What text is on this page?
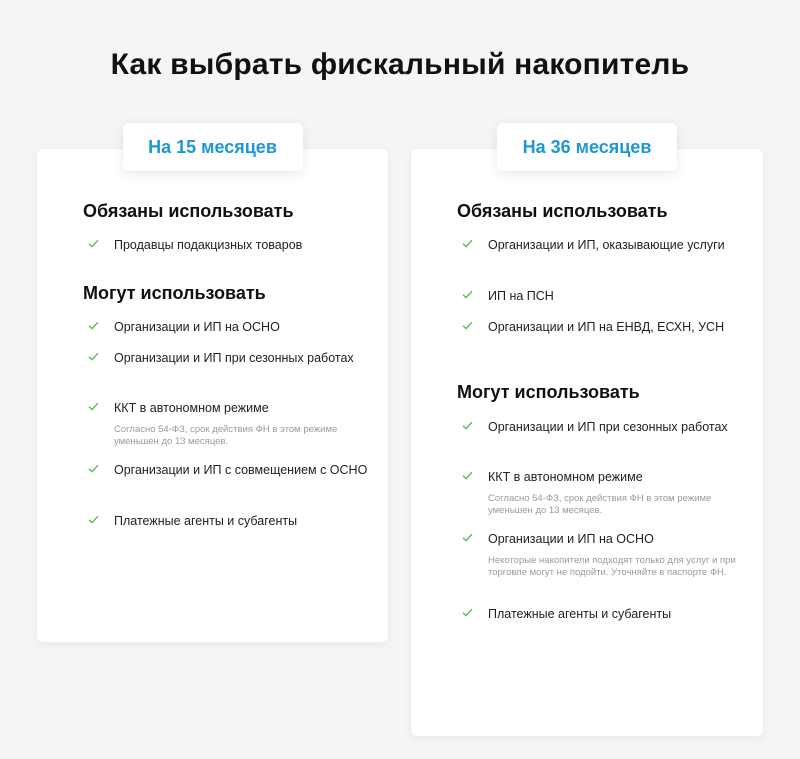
Как выбрать фискальный накопитель
На 15 месяцев
Обязаны использовать
Продавцы подакцизных товаров
Могут использовать
Организации и ИП на ОСНО
Организации и ИП при сезонных работах
ККТ в автономном режиме
Согласно 54-ФЗ, срок действия ФН в этом режиме уменьшен до 13 месяцев.
Организации и ИП с совмещением с ОСНО
Платежные агенты и субагенты
На 36 месяцев
Обязаны использовать
Организации и ИП, оказывающие услуги
ИП на ПСН
Организации и ИП на ЕНВД, ЕСХН, УСН
Могут использовать
Организации и ИП при сезонных работах
ККТ в автономном режиме
Согласно 54-ФЗ, срок действия ФН в этом режиме уменьшен до 13 месяцев.
Организации и ИП на ОСНО
Некоторые накопители подходят только для услуг и при торговле могут не подойти. Уточняйте в паспорте ФН.
Платежные агенты и субагенты
